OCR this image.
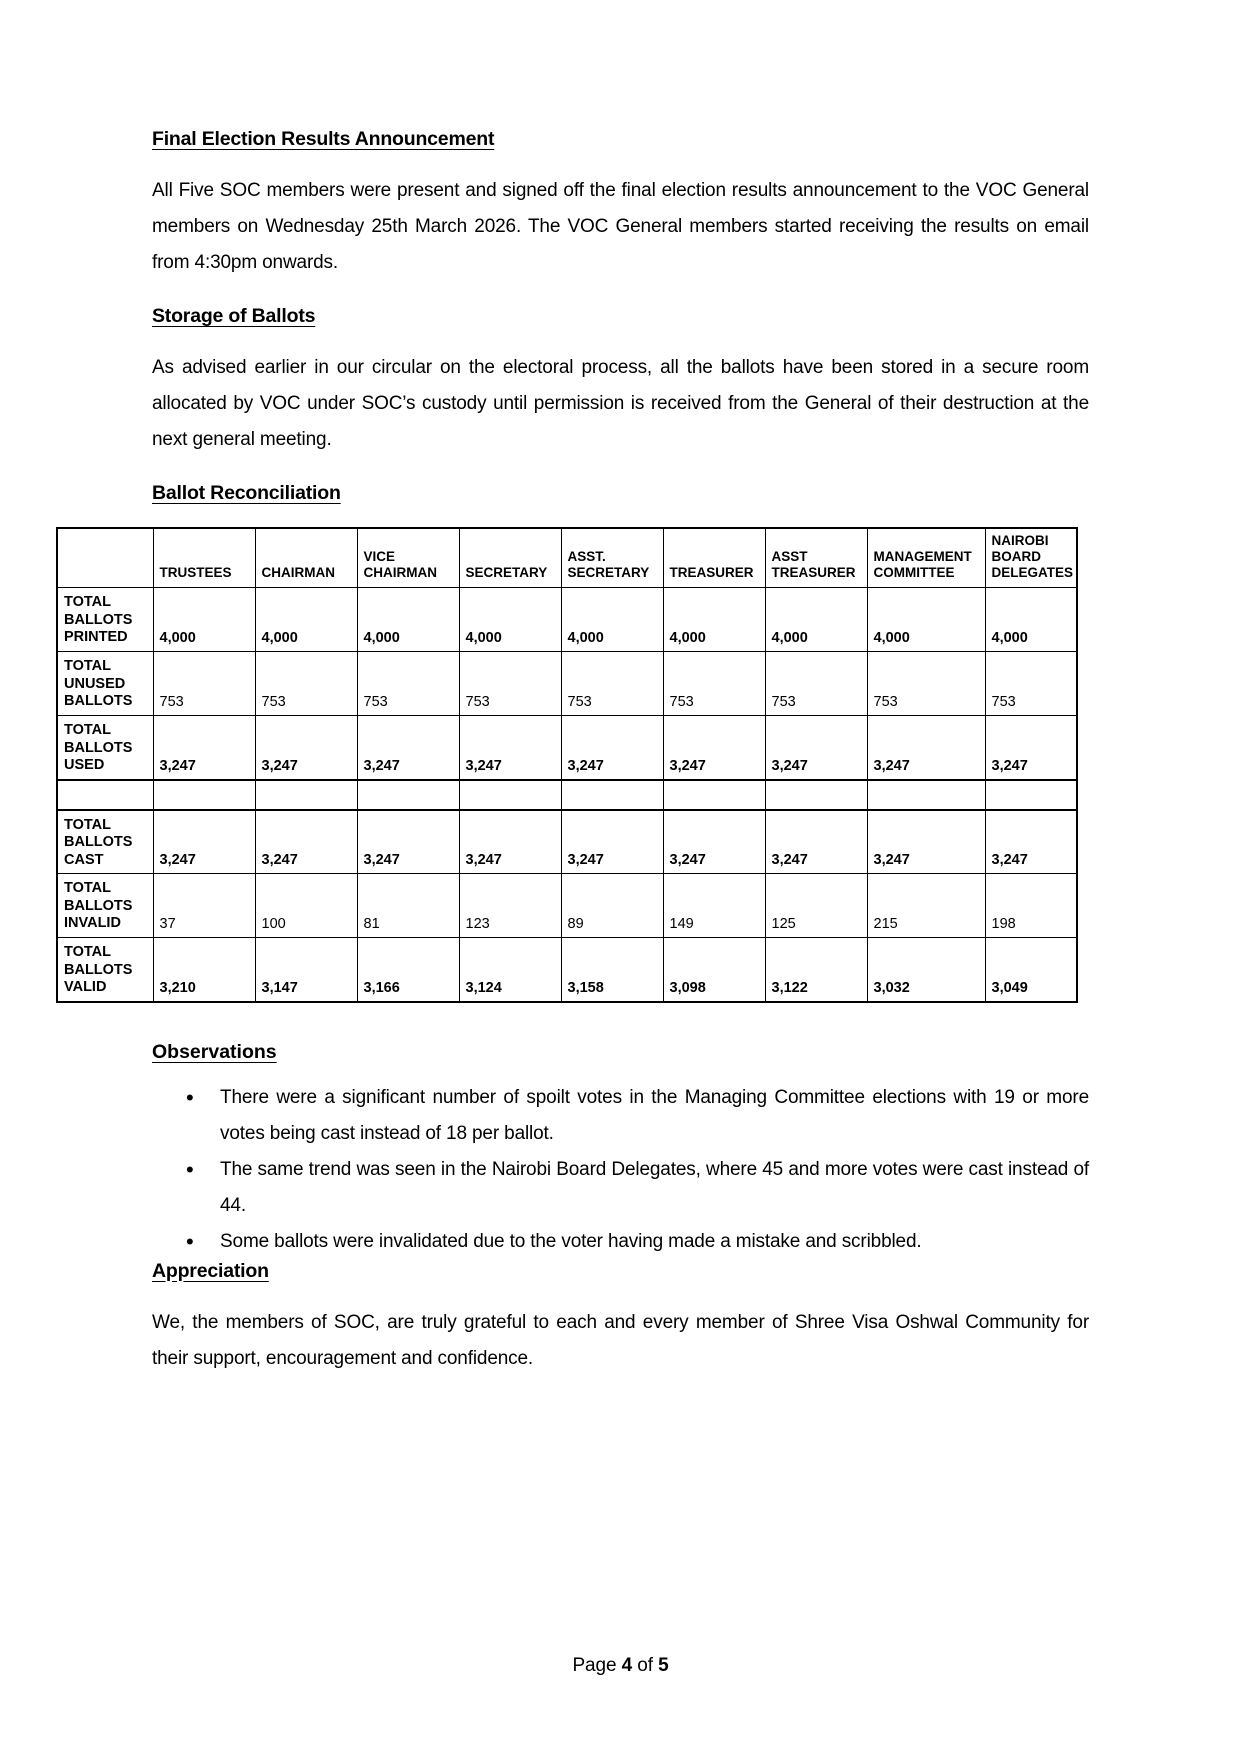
Final Election Results Announcement

All Five SOC members were present and signed off the final election results announcement to the VOC General members on Wednesday 25th March 2026. The VOC General members started receiving the results on email from 4:30pm onwards.

Storage of Ballots

As advised earlier in our circular on the electoral process, all the ballots have been stored in a secure room allocated by VOC under SOC’s custody until permission is received from the General of their destruction at the next general meeting.

Ballot Reconciliation
	TRUSTEES	CHAIRMAN	VICE CHAIRMAN	SECRETARY	ASST. SECRETARY	TREASURER	ASST TREASURER	MANAGEMENT COMMITTEE	NAIROBI BOARD DELEGATES
TOTAL BALLOTS PRINTED	4,000	4,000	4,000	4,000	4,000	4,000	4,000	4,000	4,000
TOTAL UNUSED BALLOTS	753	753	753	753	753	753	753	753	753
TOTAL BALLOTS USED	3,247	3,247	3,247	3,247	3,247	3,247	3,247	3,247	3,247

TOTAL BALLOTS CAST	3,247	3,247	3,247	3,247	3,247	3,247	3,247	3,247	3,247
TOTAL BALLOTS INVALID	37	100	81	123	89	149	125	215	198
TOTAL BALLOTS VALID	3,210	3,147	3,166	3,124	3,158	3,098	3,122	3,032	3,049
Observations
• There were a significant number of spoilt votes in the Managing Committee elections with 19 or more votes being cast instead of 18 per ballot.
• The same trend was seen in the Nairobi Board Delegates, where 45 and more votes were cast instead of 44.
• Some ballots were invalidated due to the voter having made a mistake and scribbled.
Appreciation

We, the members of SOC, are truly grateful to each and every member of Shree Visa Oshwal Community for their support, encouragement and confidence.

Page 4 of 5
